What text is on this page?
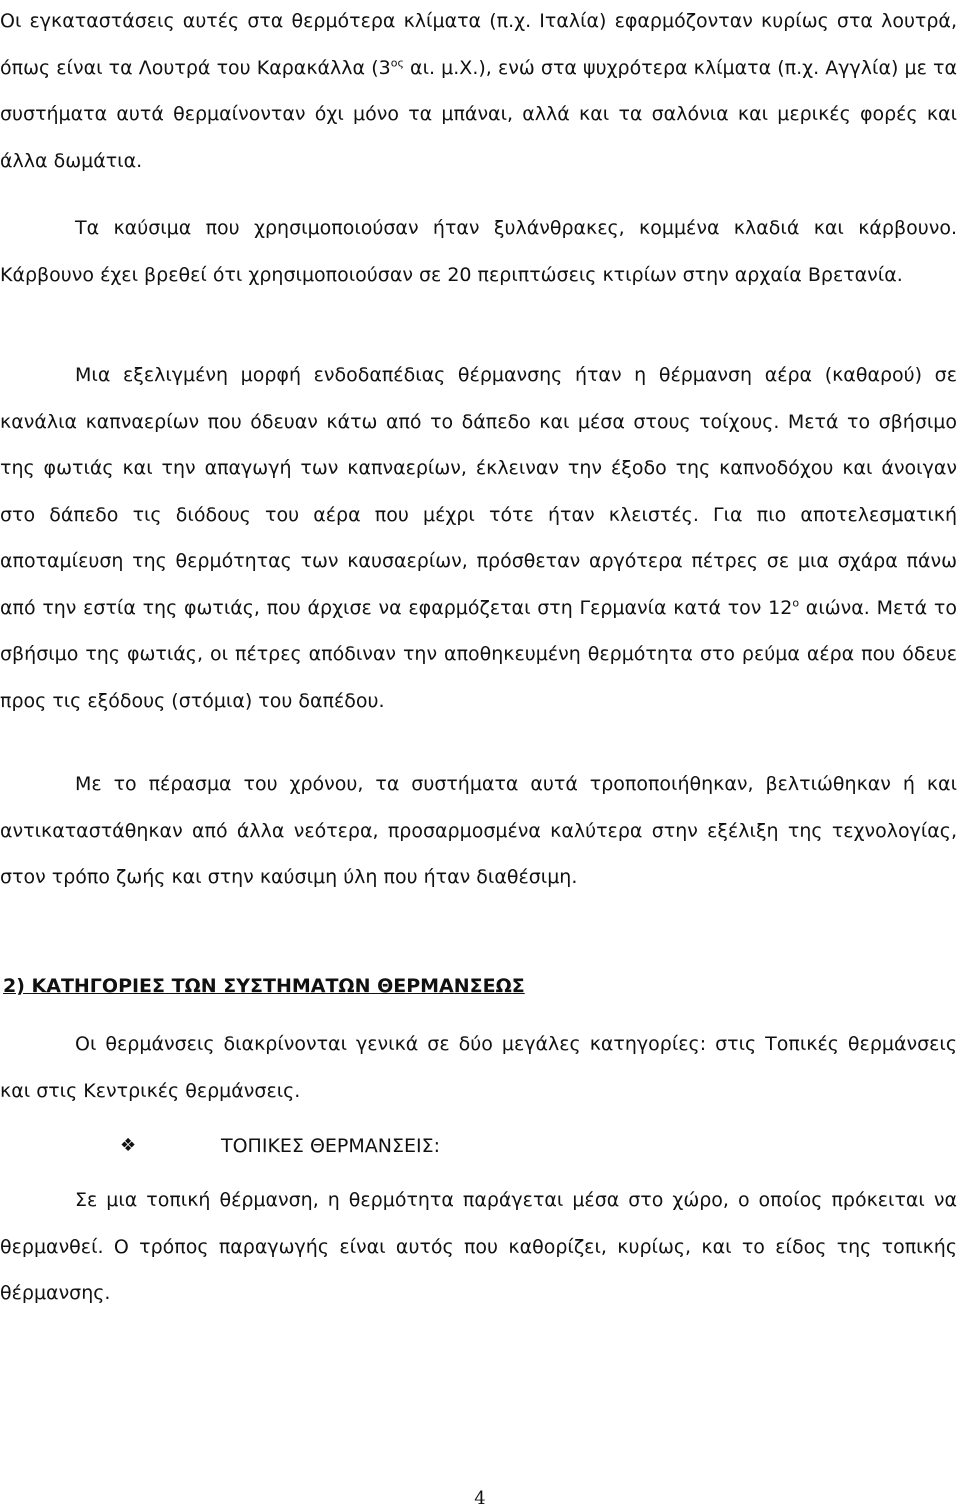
Οι εγκαταστάσεις αυτές στα θερμότερα κλίματα (π.χ. Ιταλία) εφαρμόζονταν κυρίως στα λουτρά, όπως είναι τα Λουτρά του Καρακάλλα ($3^{o\varsigma}$ αι. μ.Χ.), ενώ στα ψυχρότερα κλίματα (π.χ. Αγγλία) με τα συστήματα αυτά θερμαίνονταν όχι μόνο τα μπάναι, αλλά και τα σαλόνια και μερικές φορές και άλλα δωμάτια.

Τα καύσιμα που χρησιμοποιούσαν ήταν ξυλάνθρακες, κομμένα κλαδιά και κάρβουνο. Κάρβουνο έχει βρεθεί ότι χρησιμοποιούσαν σε 20 περιπτώσεις κτιρίων στην αρχαία Βρετανία.

Μια εξελιγμένη μορφή ενδοδαπέδιας θέρμανσης ήταν η θέρμανση αέρα (καθαρού) σε κανάλια καπναερίων που όδευαν κάτω από το δάπεδο και μέσα στους τοίχους. Μετά το σβήσιμο της φωτιάς και την απαγωγή των καπναερίων, έκλειναν την έξοδο της καπνοδόχου και άνοιγαν στο δάπεδο τις διόδους του αέρα που μέχρι τότε ήταν κλειστές. Για πιο αποτελεσματική αποταμίευση της θερμότητας των καυσαερίων, πρόσθεταν αργότερα πέτρες σε μια σχάρα πάνω από την εστία της φωτιάς, που άρχισε να εφαρμόζεται στη Γερμανία κατά τον $12^o$ αιώνα. Μετά το σβήσιμο της φωτιάς, οι πέτρες απόδιναν την αποθηκευμένη θερμότητα στο ρεύμα αέρα που όδευε προς τις εξόδους (στόμια) του δαπέδου.

Με το πέρασμα του χρόνου, τα συστήματα αυτά τροποποιήθηκαν, βελτιώθηκαν ή και αντικαταστάθηκαν από άλλα νεότερα, προσαρμοσμένα καλύτερα στην εξέλιξη της τεχνολογίας, στον τρόπο ζωής και στην καύσιμη ύλη που ήταν διαθέσιμη.

2) ΚΑΤΗΓΟΡΙΕΣ ΤΩΝ ΣΥΣΤΗΜΑΤΩΝ ΘΕΡΜΑΝΣΕΩΣ

Οι θερμάνσεις διακρίνονται γενικά σε δύο μεγάλες κατηγορίες: στις Τοπικές θερμάνσεις και στις Κεντρικές θερμάνσεις.

❖	ΤΟΠΙΚΕΣ ΘΕΡΜΑΝΣΕΙΣ:

Σε μια τοπική θέρμανση, η θερμότητα παράγεται μέσα στο χώρο, ο οποίος πρόκειται να θερμανθεί. Ο τρόπος παραγωγής είναι αυτός που καθορίζει, κυρίως, και το είδος της τοπικής θέρμανσης.

4
